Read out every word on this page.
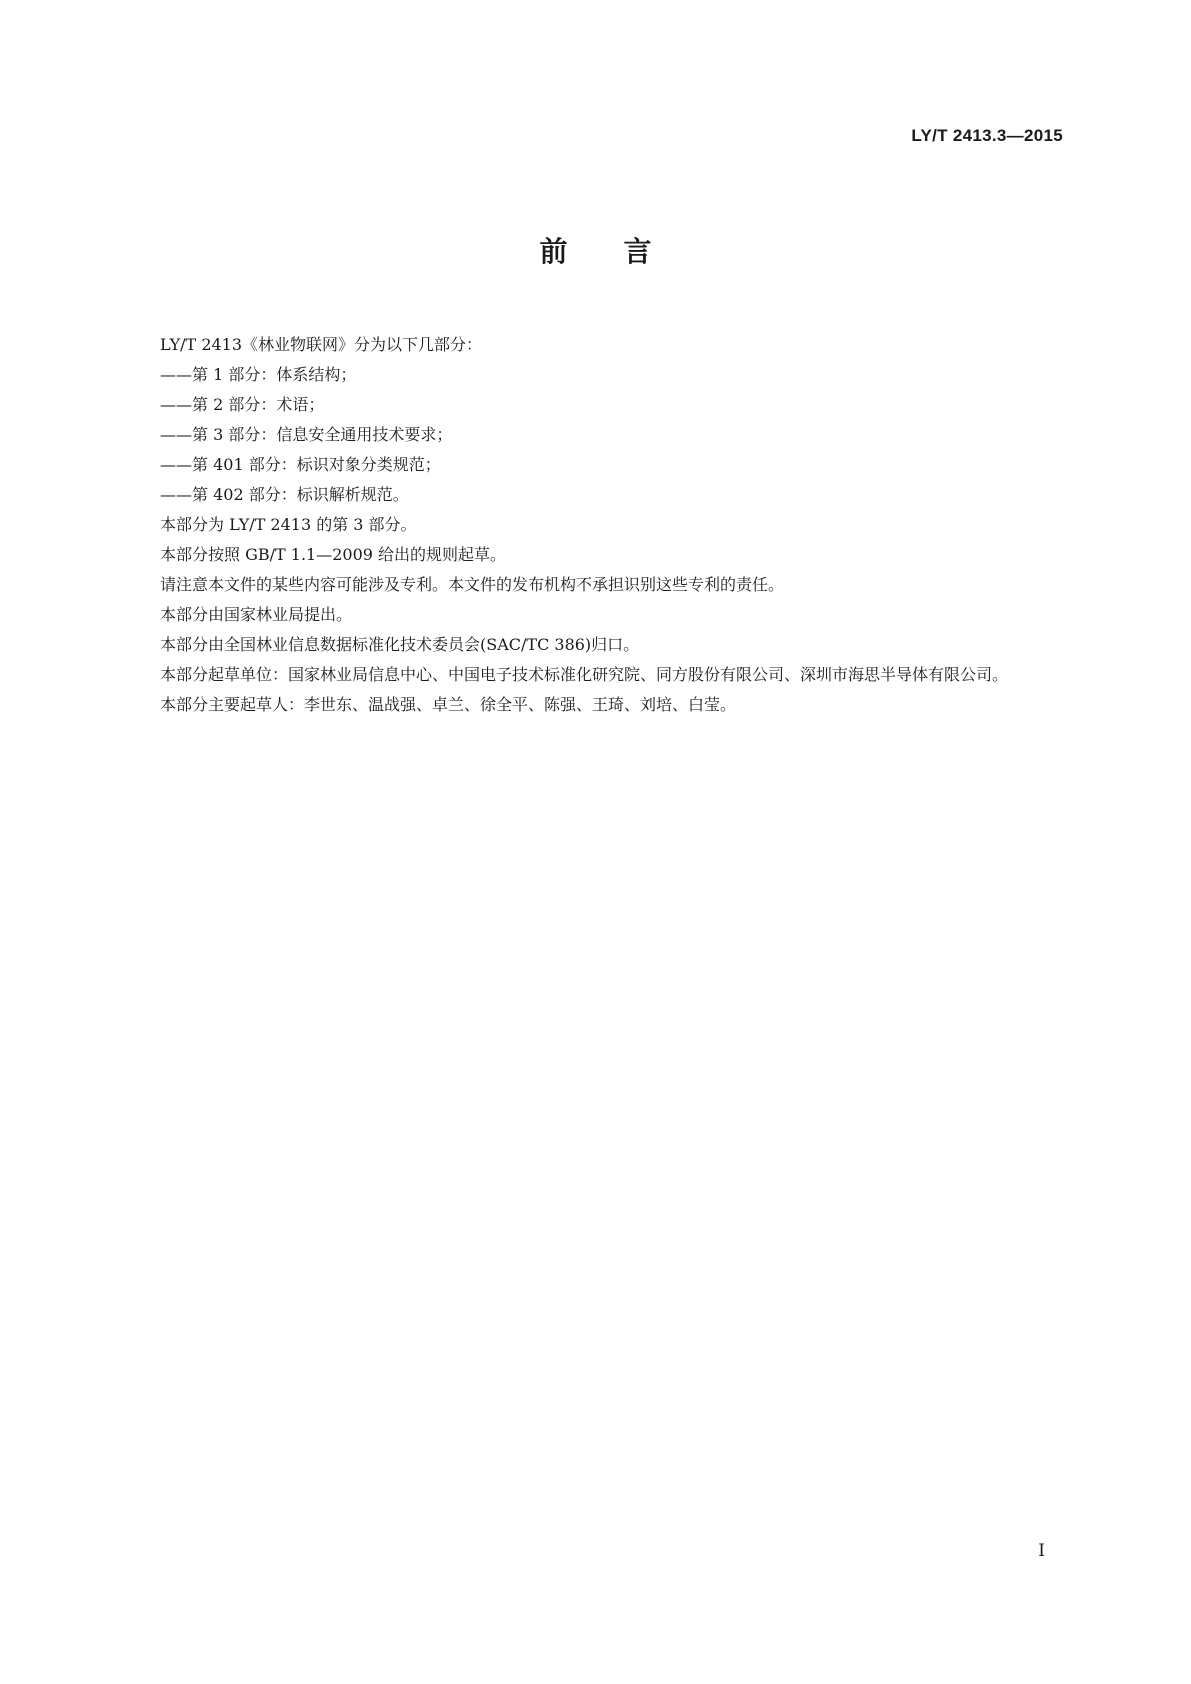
LY/T 2413.3—2015
前言

LY/T 2413《林业物联网》分为以下几部分：

——第 1 部分：体系结构；

——第 2 部分：术语；

——第 3 部分：信息安全通用技术要求；

——第 401 部分：标识对象分类规范；

——第 402 部分：标识解析规范。

本部分为 LY/T 2413 的第 3 部分。

本部分按照 GB/T 1.1—2009 给出的规则起草。

请注意本文件的某些内容可能涉及专利。本文件的发布机构不承担识别这些专利的责任。

本部分由国家林业局提出。

本部分由全国林业信息数据标准化技术委员会(SAC/TC 386)归口。

本部分起草单位：国家林业局信息中心、中国电子技术标准化研究院、同方股份有限公司、深圳市海思半导体有限公司。

本部分主要起草人：李世东、温战强、卓兰、徐全平、陈强、王琦、刘培、白莹。

I
